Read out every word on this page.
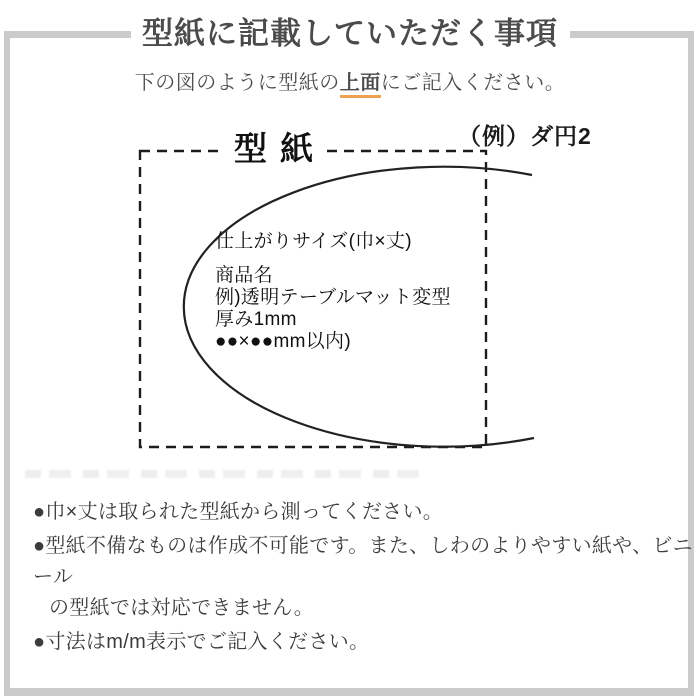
型紙に記載していただく事項
下の図のように型紙の上面にご記入ください。
（例）ダ円2
型 紙
仕上がりサイズ(巾×丈)
商品名
例)透明テーブルマット変型
厚み1mm
●●×●●mm以内)
●巾×丈は取られた型紙から測ってください。
●型紙不備なものは作成不可能です。また、しわのよりやすい紙や、ビニール
の型紙では対応できません。
●寸法はm/m表示でご記入ください。
